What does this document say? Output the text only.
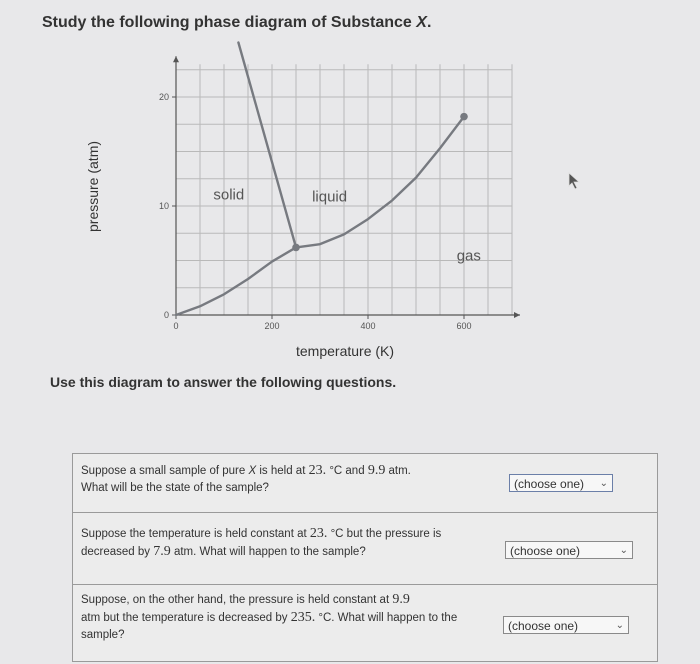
Study the following phase diagram of Substance X.
0	200	400	600
0
10
20
solid	liquid
gas
pressure (atm)
temperature (K)
Use this diagram to answer the following questions.
Suppose a small sample of pure X is held at 23. °C and 9.9 atm.
What will be the state of the sample?	(choose one) ⌄
Suppose the temperature is held constant at 23. °C but the pressure is decreased by 7.9 atm. What will happen to the sample?	(choose one)	⌄
Suppose, on the other hand, the pressure is held constant at 9.9
atm but the temperature is decreased by 235. °C. What will happen to the sample?
(choose one)	⌄
